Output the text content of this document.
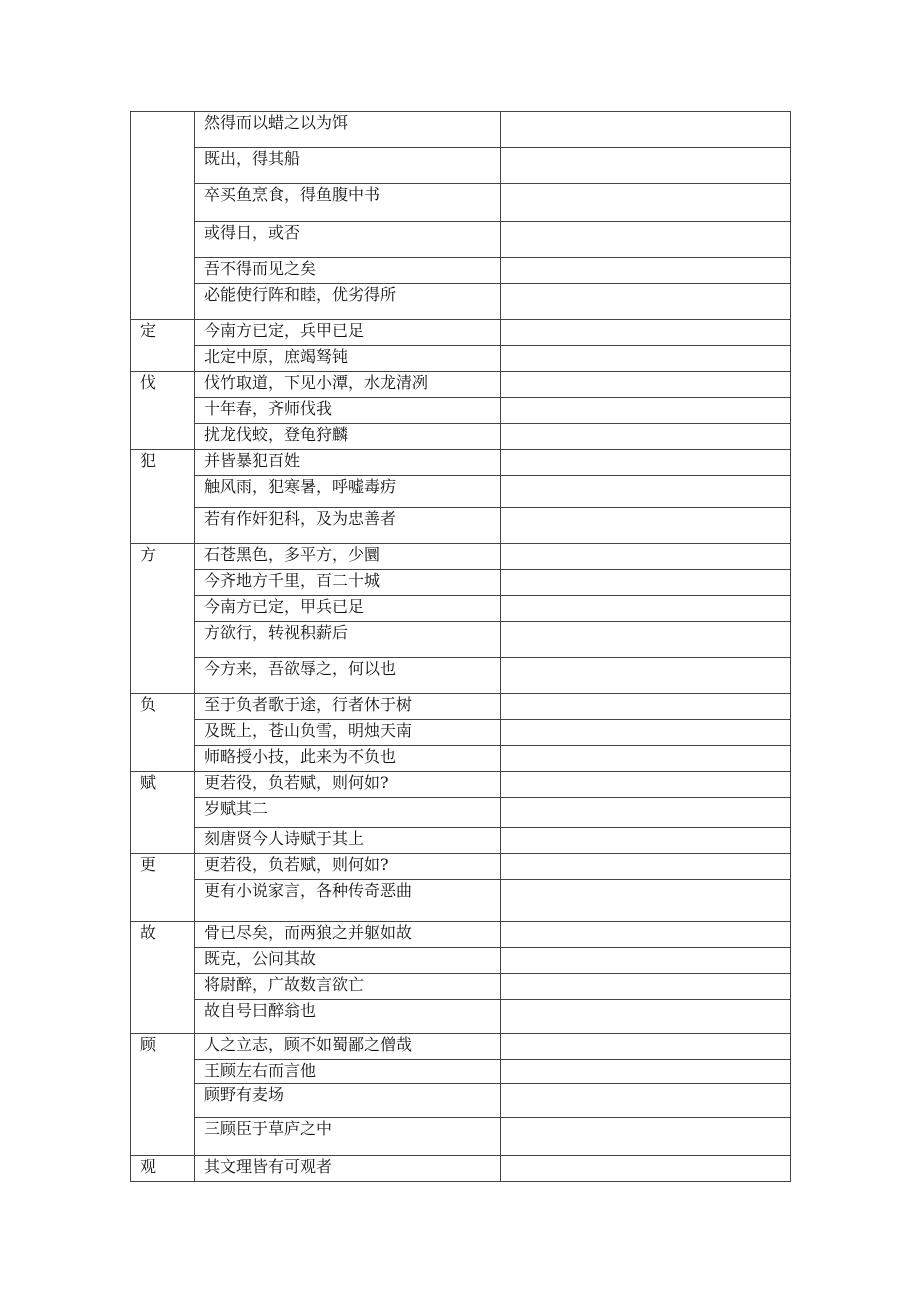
	然得而以蜡之以为饵	
	既出，得其船	
	卒买鱼烹食，得鱼腹中书	
	或得日，或否	
	吾不得而见之矣	
	必能使行阵和睦，优劣得所	
定	今南方已定，兵甲已足	
	北定中原，庶竭驽钝	
伐	伐竹取道，下见小潭，水龙清冽	
	十年春，齐师伐我	
	扰龙伐蛟，登龟狩麟	
犯	并皆暴犯百姓	
	触风雨，犯寒暑，呼嘘毒疠	
	若有作奸犯科，及为忠善者	
方	石苍黑色，多平方，少圜	
	今齐地方千里，百二十城	
	今南方已定，甲兵已足	
	方欲行，转视积薪后	
	今方来，吾欲辱之，何以也	
负	至于负者歌于途，行者休于树	
	及既上，苍山负雪，明烛天南	
	师略授小技，此来为不负也	
赋	更若役，负若赋，则何如?	
	岁赋其二	
	刻唐贤今人诗赋于其上	
更	更若役，负若赋，则何如?	
	更有小说家言，各种传奇恶曲	
故	骨已尽矣，而两狼之并躯如故	
	既克，公问其故	
	将尉醉，广故数言欲亡	
	故自号曰醉翁也	
顾	人之立志，顾不如蜀鄙之僧哉	
	王顾左右而言他	
	顾野有麦场	
	三顾臣于草庐之中	
观	其文理皆有可观者	
